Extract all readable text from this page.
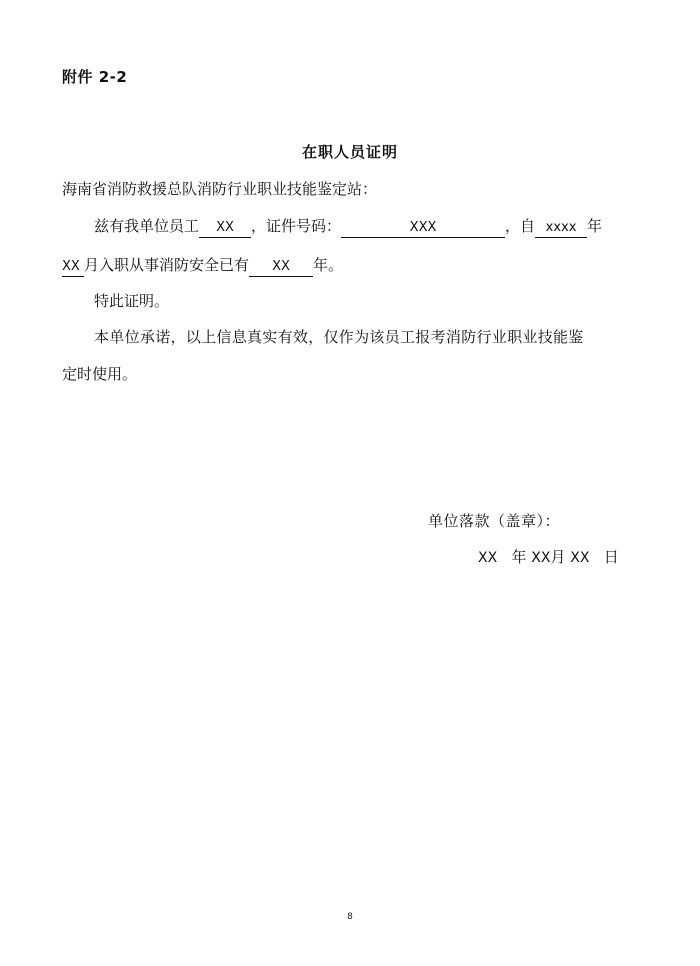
附件 2-2
在职人员证明
海南省消防救援总队消防行业职业技能鉴定站：
兹有我单位员工 XX ，证件号码：	XXX	，自 xxxx 年
XX 月入职从事消防安全已有 XX 年。
特此证明。
本单位承诺，以上信息真实有效，仅作为该员工报考消防行业职业技能鉴
定时使用。
单位落款（盖章）：
XX 年 XX月 XX 日
8
